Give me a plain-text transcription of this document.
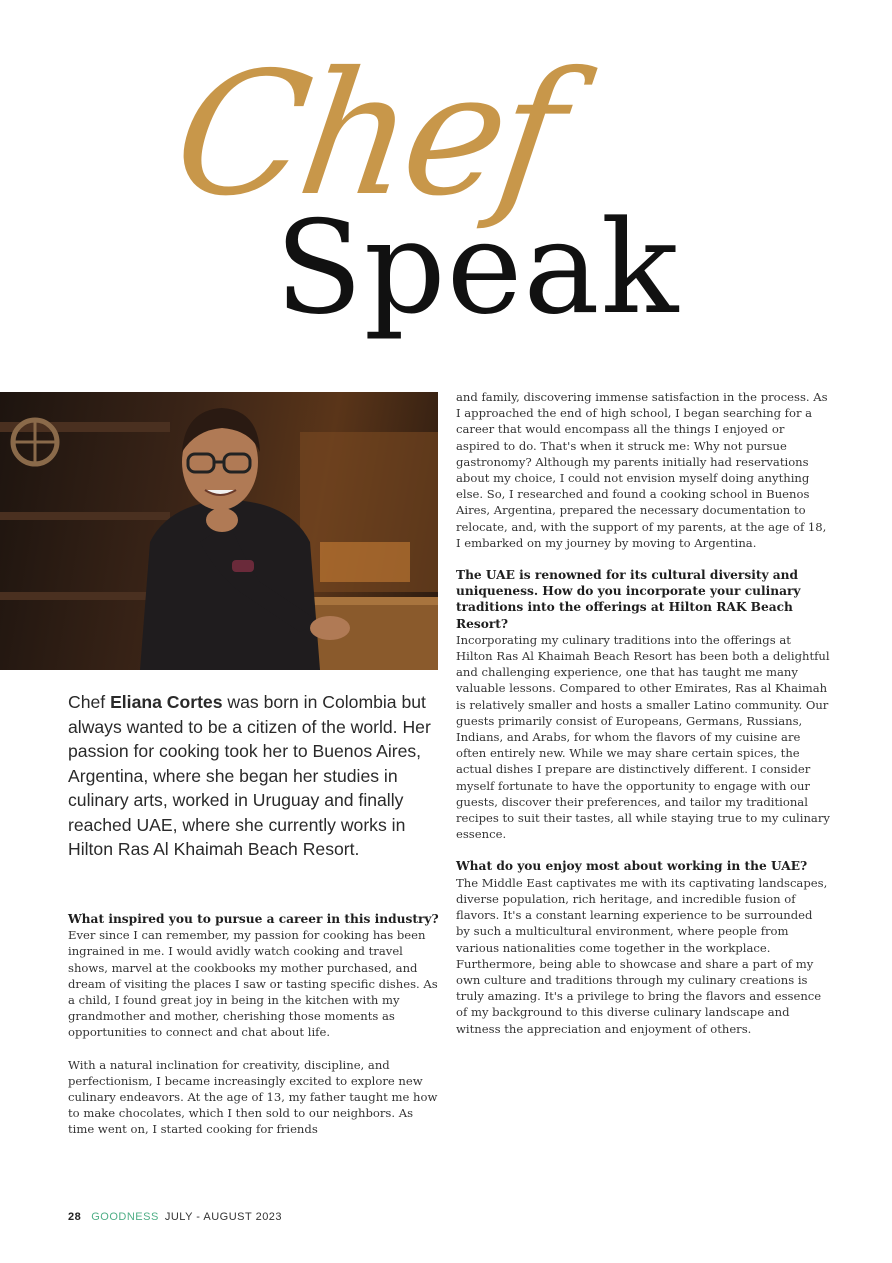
Chef
Speak
Chef Eliana Cortes was born in Colombia but always wanted to be a citizen of the world. Her passion for cooking took her to Buenos Aires, Argentina, where she began her studies in culinary arts, worked in Uruguay and finally reached UAE, where she currently works in Hilton Ras Al Khaimah Beach Resort.

What inspired you to pursue a career in this industry?

Ever since I can remember, my passion for cooking has been ingrained in me. I would avidly watch cooking and travel shows, marvel at the cookbooks my mother purchased, and dream of visiting the places I saw or tasting specific dishes. As a child, I found great joy in being in the kitchen with my grandmother and mother, cherishing those moments as opportunities to connect and chat about life.

With a natural inclination for creativity, discipline, and perfectionism, I became increasingly excited to explore new culinary endeavors. At the age of 13, my father taught me how to make chocolates, which I then sold to our neighbors. As time went on, I started cooking for friends

and family, discovering immense satisfaction in the process. As I approached the end of high school, I began searching for a career that would encompass all the things I enjoyed or aspired to do. That's when it struck me: Why not pursue gastronomy? Although my parents initially had reservations about my choice, I could not envision myself doing anything else. So, I researched and found a cooking school in Buenos Aires, Argentina, prepared the necessary documentation to relocate, and, with the support of my parents, at the age of 18, I embarked on my journey by moving to Argentina.

The UAE is renowned for its cultural diversity and uniqueness. How do you incorporate your culinary traditions into the offerings at Hilton RAK Beach Resort?

Incorporating my culinary traditions into the offerings at Hilton Ras Al Khaimah Beach Resort has been both a delightful and challenging experience, one that has taught me many valuable lessons. Compared to other Emirates, Ras al Khaimah is relatively smaller and hosts a smaller Latino community. Our guests primarily consist of Europeans, Germans, Russians, Indians, and Arabs, for whom the flavors of my cuisine are often entirely new. While we may share certain spices, the actual dishes I prepare are distinctively different. I consider myself fortunate to have the opportunity to engage with our guests, discover their preferences, and tailor my traditional recipes to suit their tastes, all while staying true to my culinary essence.

What do you enjoy most about working in the UAE?

The Middle East captivates me with its captivating landscapes, diverse population, rich heritage, and incredible fusion of flavors. It's a constant learning experience to be surrounded by such a multicultural environment, where people from various nationalities come together in the workplace. Furthermore, being able to showcase and share a part of my own culture and traditions through my culinary creations is truly amazing. It's a privilege to bring the flavors and essence of my background to this diverse culinary landscape and witness the appreciation and enjoyment of others.

28 GOODNESS JULY - AUGUST 2023
